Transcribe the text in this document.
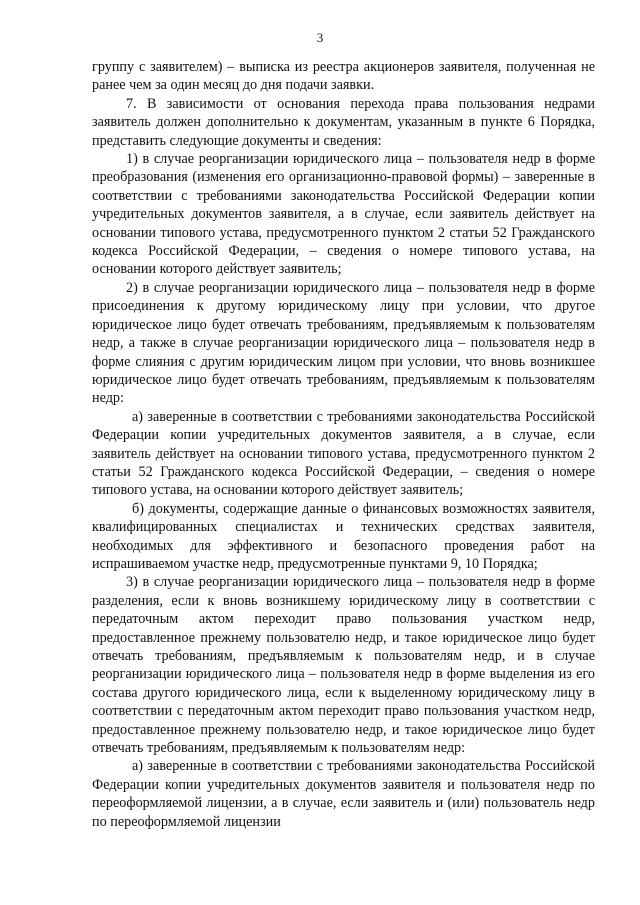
3

группу с заявителем) – выписка из реестра акционеров заявителя, полученная не ранее чем за один месяц до дня подачи заявки.

7. В зависимости от основания перехода права пользования недрами заявитель должен дополнительно к документам, указанным в пункте 6 Порядка, представить следующие документы и сведения:

1) в случае реорганизации юридического лица – пользователя недр в форме преобразования (изменения его организационно-правовой формы) – заверенные в соответствии с требованиями законодательства Российской Федерации копии учредительных документов заявителя, а в случае, если заявитель действует на основании типового устава, предусмотренного пунктом 2 статьи 52 Гражданского кодекса Российской Федерации, – сведения о номере типового устава, на основании которого действует заявитель;

2) в случае реорганизации юридического лица – пользователя недр в форме присоединения к другому юридическому лицу при условии, что другое юридическое лицо будет отвечать требованиям, предъявляемым к пользователям недр, а также в случае реорганизации юридического лица – пользователя недр в форме слияния с другим юридическим лицом при условии, что вновь возникшее юридическое лицо будет отвечать требованиям, предъявляемым к пользователям недр:

а) заверенные в соответствии с требованиями законодательства Российской Федерации копии учредительных документов заявителя, а в случае, если заявитель действует на основании типового устава, предусмотренного пунктом 2 статьи 52 Гражданского кодекса Российской Федерации, – сведения о номере типового устава, на основании которого действует заявитель;

б) документы, содержащие данные о финансовых возможностях заявителя, квалифицированных специалистах и технических средствах заявителя, необходимых для эффективного и безопасного проведения работ на испрашиваемом участке недр, предусмотренные пунктами 9, 10 Порядка;

3) в случае реорганизации юридического лица – пользователя недр в форме разделения, если к вновь возникшему юридическому лицу в соответствии с передаточным актом переходит право пользования участком недр, предоставленное прежнему пользователю недр, и такое юридическое лицо будет отвечать требованиям, предъявляемым к пользователям недр, и в случае реорганизации юридического лица – пользователя недр в форме выделения из его состава другого юридического лица, если к выделенному юридическому лицу в соответствии с передаточным актом переходит право пользования участком недр, предоставленное прежнему пользователю недр, и такое юридическое лицо будет отвечать требованиям, предъявляемым к пользователям недр:

а) заверенные в соответствии с требованиями законодательства Российской Федерации копии учредительных документов заявителя и пользователя недр по переоформляемой лицензии, а в случае, если заявитель и (или) пользователь недр по переоформляемой лицензии
